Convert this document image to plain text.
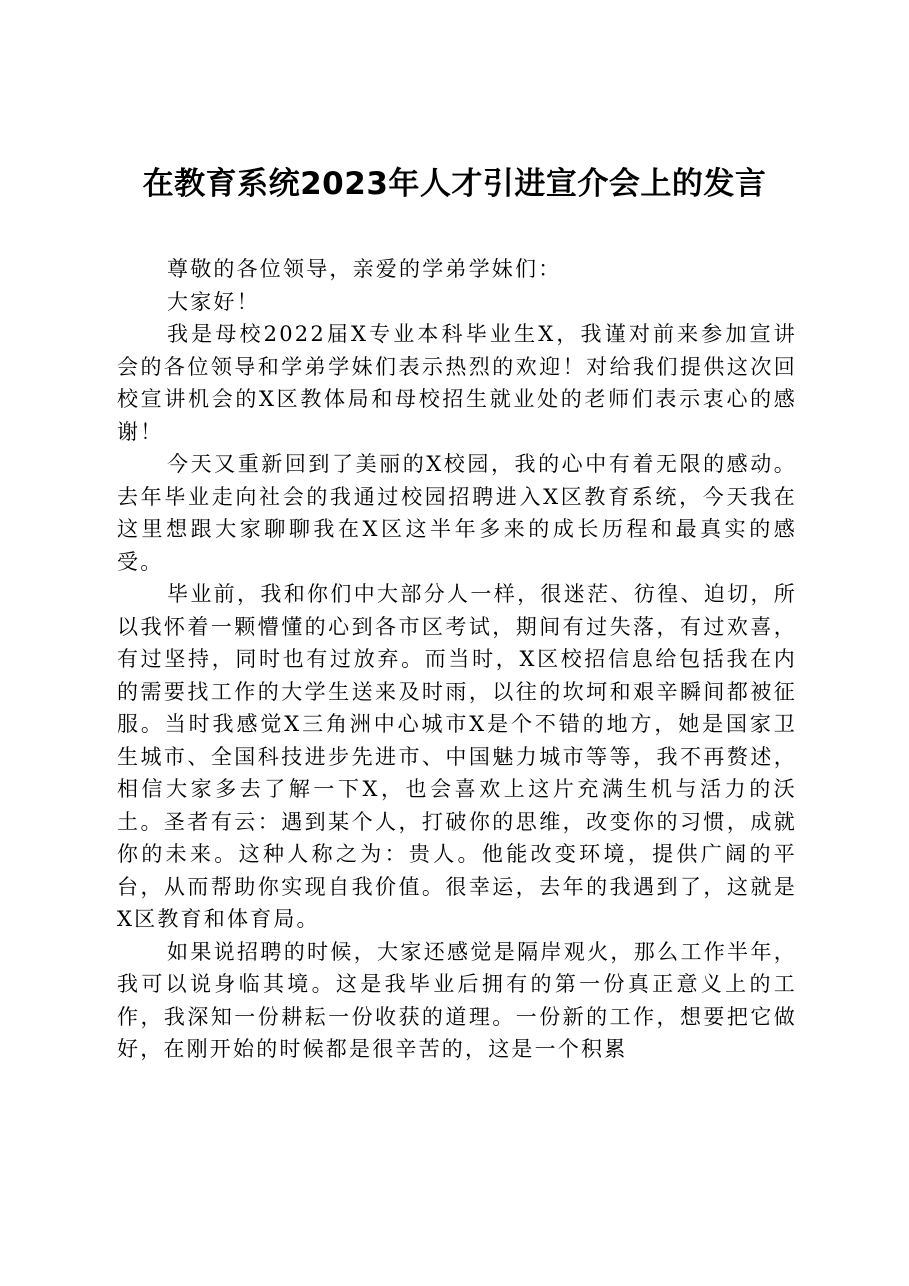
在教育系统2023年人才引进宣介会上的发言

尊敬的各位领导，亲爱的学弟学妹们：

大家好！

我是母校2022届X专业本科毕业生X，我谨对前来参加宣讲会的各位领导和学弟学妹们表示热烈的欢迎！对给我们提供这次回校宣讲机会的X区教体局和母校招生就业处的老师们表示衷心的感谢！

今天又重新回到了美丽的X校园，我的心中有着无限的感动。去年毕业走向社会的我通过校园招聘进入X区教育系统，今天我在这里想跟大家聊聊我在X区这半年多来的成长历程和最真实的感受。

毕业前，我和你们中大部分人一样，很迷茫、彷徨、迫切，所以我怀着一颗懵懂的心到各市区考试，期间有过失落，有过欢喜，有过坚持，同时也有过放弃。而当时，X区校招信息给包括我在内的需要找工作的大学生送来及时雨，以往的坎坷和艰辛瞬间都被征服。当时我感觉X三角洲中心城市X是个不错的地方，她是国家卫生城市、全国科技进步先进市、中国魅力城市等等，我不再赘述，相信大家多去了解一下X，也会喜欢上这片充满生机与活力的沃土。圣者有云：遇到某个人，打破你的思维，改变你的习惯，成就你的未来。这种人称之为：贵人。他能改变环境，提供广阔的平台，从而帮助你实现自我价值。很幸运，去年的我遇到了，这就是X区教育和体育局。

如果说招聘的时候，大家还感觉是隔岸观火，那么工作半年，我可以说身临其境。这是我毕业后拥有的第一份真正意义上的工作，我深知一份耕耘一份收获的道理。一份新的工作，想要把它做好，在刚开始的时候都是很辛苦的，这是一个积累
